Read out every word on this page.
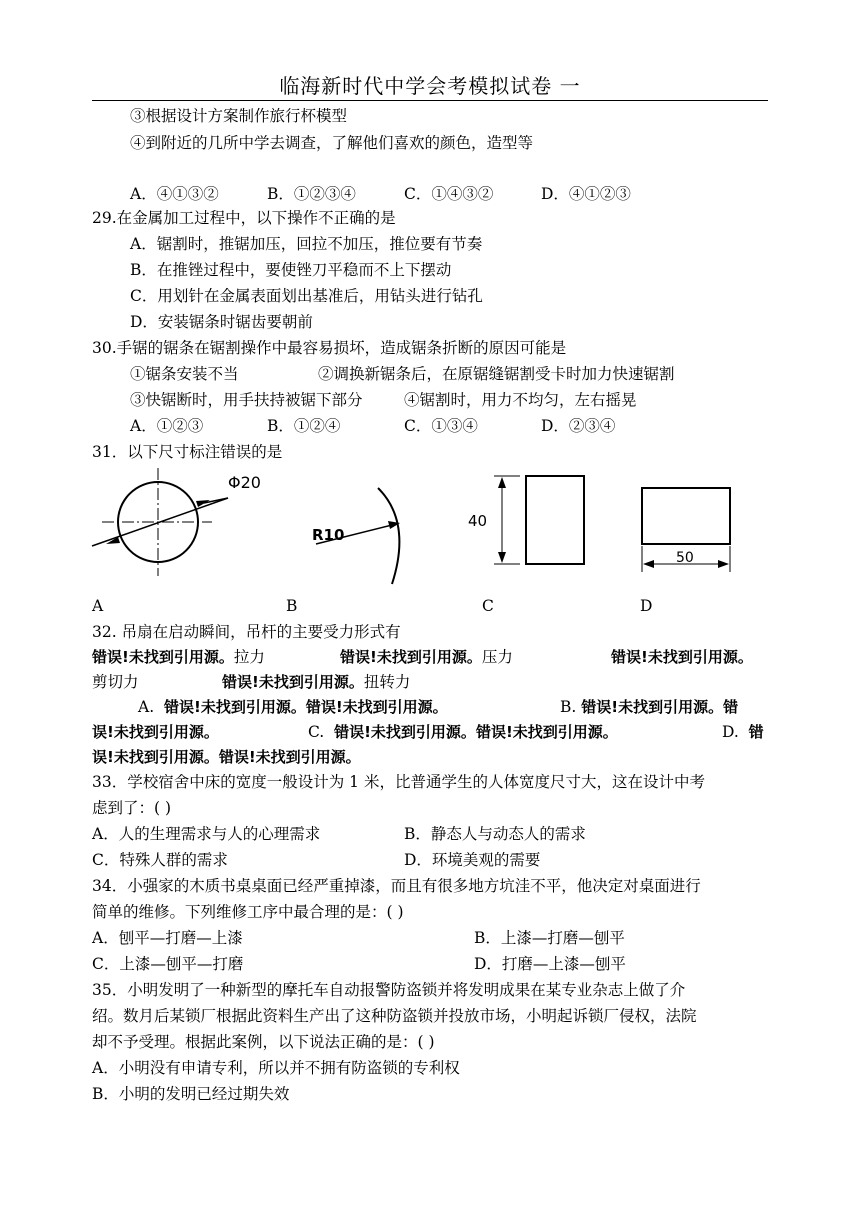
临海新时代中学会考模拟试卷 一
③根据设计方案制作旅行杯模型
④到附近的几所中学去调查，了解他们喜欢的颜色，造型等
A．④①③②	B．①②③④	C．①④③②	D．④①②③
29.在金属加工过程中，以下操作不正确的是
A．锯割时，推锯加压，回拉不加压，推位要有节奏
B．在推锉过程中，要使锉刀平稳而不上下摆动
C．用划针在金属表面划出基准后，用钻头进行钻孔
D．安装锯条时锯齿要朝前
30.手锯的锯条在锯割操作中最容易损坏，造成锯条折断的原因可能是
①锯条安装不当	②调换新锯条后，在原锯缝锯割受卡时加力快速锯割
③快锯断时，用手扶持被锯下部分	④锯割时，用力不均匀，左右摇晃
A．①②③	B．①②④	C．①③④	D．②③④
31．以下尺寸标注错误的是
Φ20
R10
40
50
A	B	C	D
32. 吊扇在启动瞬间，吊杆的主要受力形式有
错误!未找到引用源。拉力	错误!未找到引用源。压力	错误!未找到引用源。
剪切力	错误!未找到引用源。扭转力
A. 错误!未找到引用源。错误!未找到引用源。	B. 错误!未找到引用源。错
误!未找到引用源。	C. 错误!未找到引用源。错误!未找到引用源。	D. 错
误!未找到引用源。错误!未找到引用源。
33．学校宿舍中床的宽度一般设计为 1 米，比普通学生的人体宽度尺寸大，这在设计中考
虑到了：( )
A．人的生理需求与人的心理需求	B．静态人与动态人的需求
C．特殊人群的需求	D．环境美观的需要
34．小强家的木质书桌桌面已经严重掉漆，而且有很多地方坑洼不平，他决定对桌面进行
简单的维修。下列维修工序中最合理的是：( )
A．刨平—打磨—上漆	B．上漆—打磨—刨平
C．上漆—刨平—打磨	D．打磨—上漆—刨平
35．小明发明了一种新型的摩托车自动报警防盗锁并将发明成果在某专业杂志上做了介
绍。数月后某锁厂根据此资料生产出了这种防盗锁并投放市场，小明起诉锁厂侵权，法院
却不予受理。根据此案例，以下说法正确的是：( )
A．小明没有申请专利，所以并不拥有防盗锁的专利权
B．小明的发明已经过期失效
